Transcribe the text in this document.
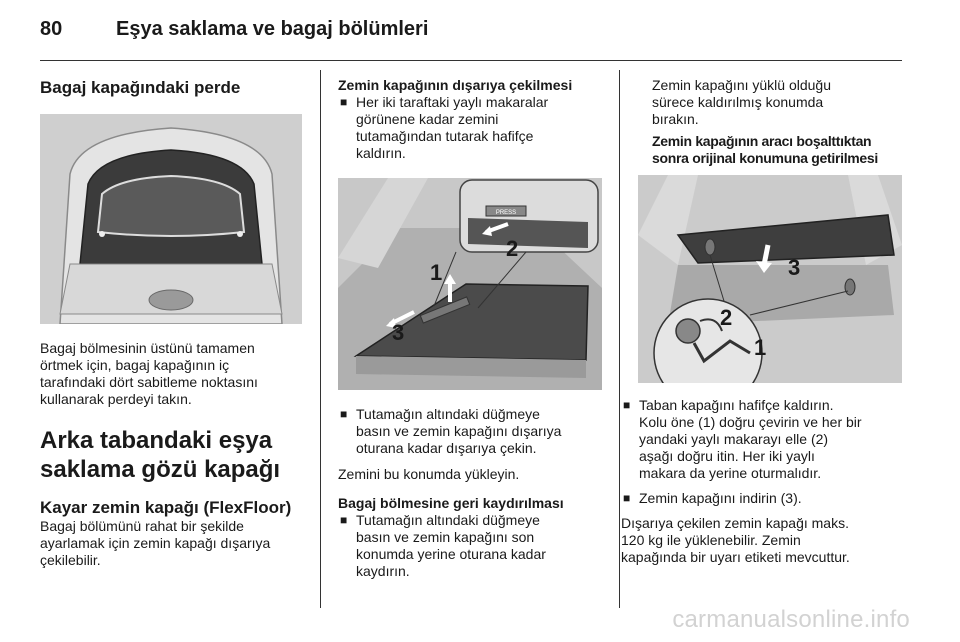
80	Eşya saklama ve bagaj bölümleri
Bagaj kapağındaki perde
Bagaj bölmesinin üstünü tamamen
örtmek için, bagaj kapağının iç
tarafındaki dört sabitleme noktasını
kullanarak perdeyi takın.
Arka tabandaki eşya
saklama gözü kapağı
Kayar zemin kapağı (FlexFloor)
Bagaj bölümünü rahat bir şekilde
ayarlamak için zemin kapağı dışarıya
çekilebilir.
Zemin kapağının dışarıya çekilmesi
■ Her iki taraftaki yaylı makaralar
görünene kadar zemini
tutamağından tutarak hafifçe
kaldırın.
PRESS
1
2
3
■ Tutamağın altındaki düğmeye
basın ve zemin kapağını dışarıya
oturana kadar dışarıya çekin.
Zemini bu konumda yükleyin.
Bagaj bölmesine geri kaydırılması
■ Tutamağın altındaki düğmeye
basın ve zemin kapağını son
konumda yerine oturana kadar
kaydırın.
Zemin kapağını yüklü olduğu
sürece kaldırılmış konumda
bırakın.
Zemin kapağının aracı boşalttıktan
sonra orijinal konumuna getirilmesi
3
2
1
■ Taban kapağını hafifçe kaldırın.
Kolu öne (1) doğru çevirin ve her bir
yandaki yaylı makarayı elle (2)
aşağı doğru itin. Her iki yaylı
makara da yerine oturmalıdır.
■ Zemin kapağını indirin (3).
Dışarıya çekilen zemin kapağı maks.
120 kg ile yüklenebilir. Zemin
kapağında bir uyarı etiketi mevcuttur.
carmanualsonline.info
